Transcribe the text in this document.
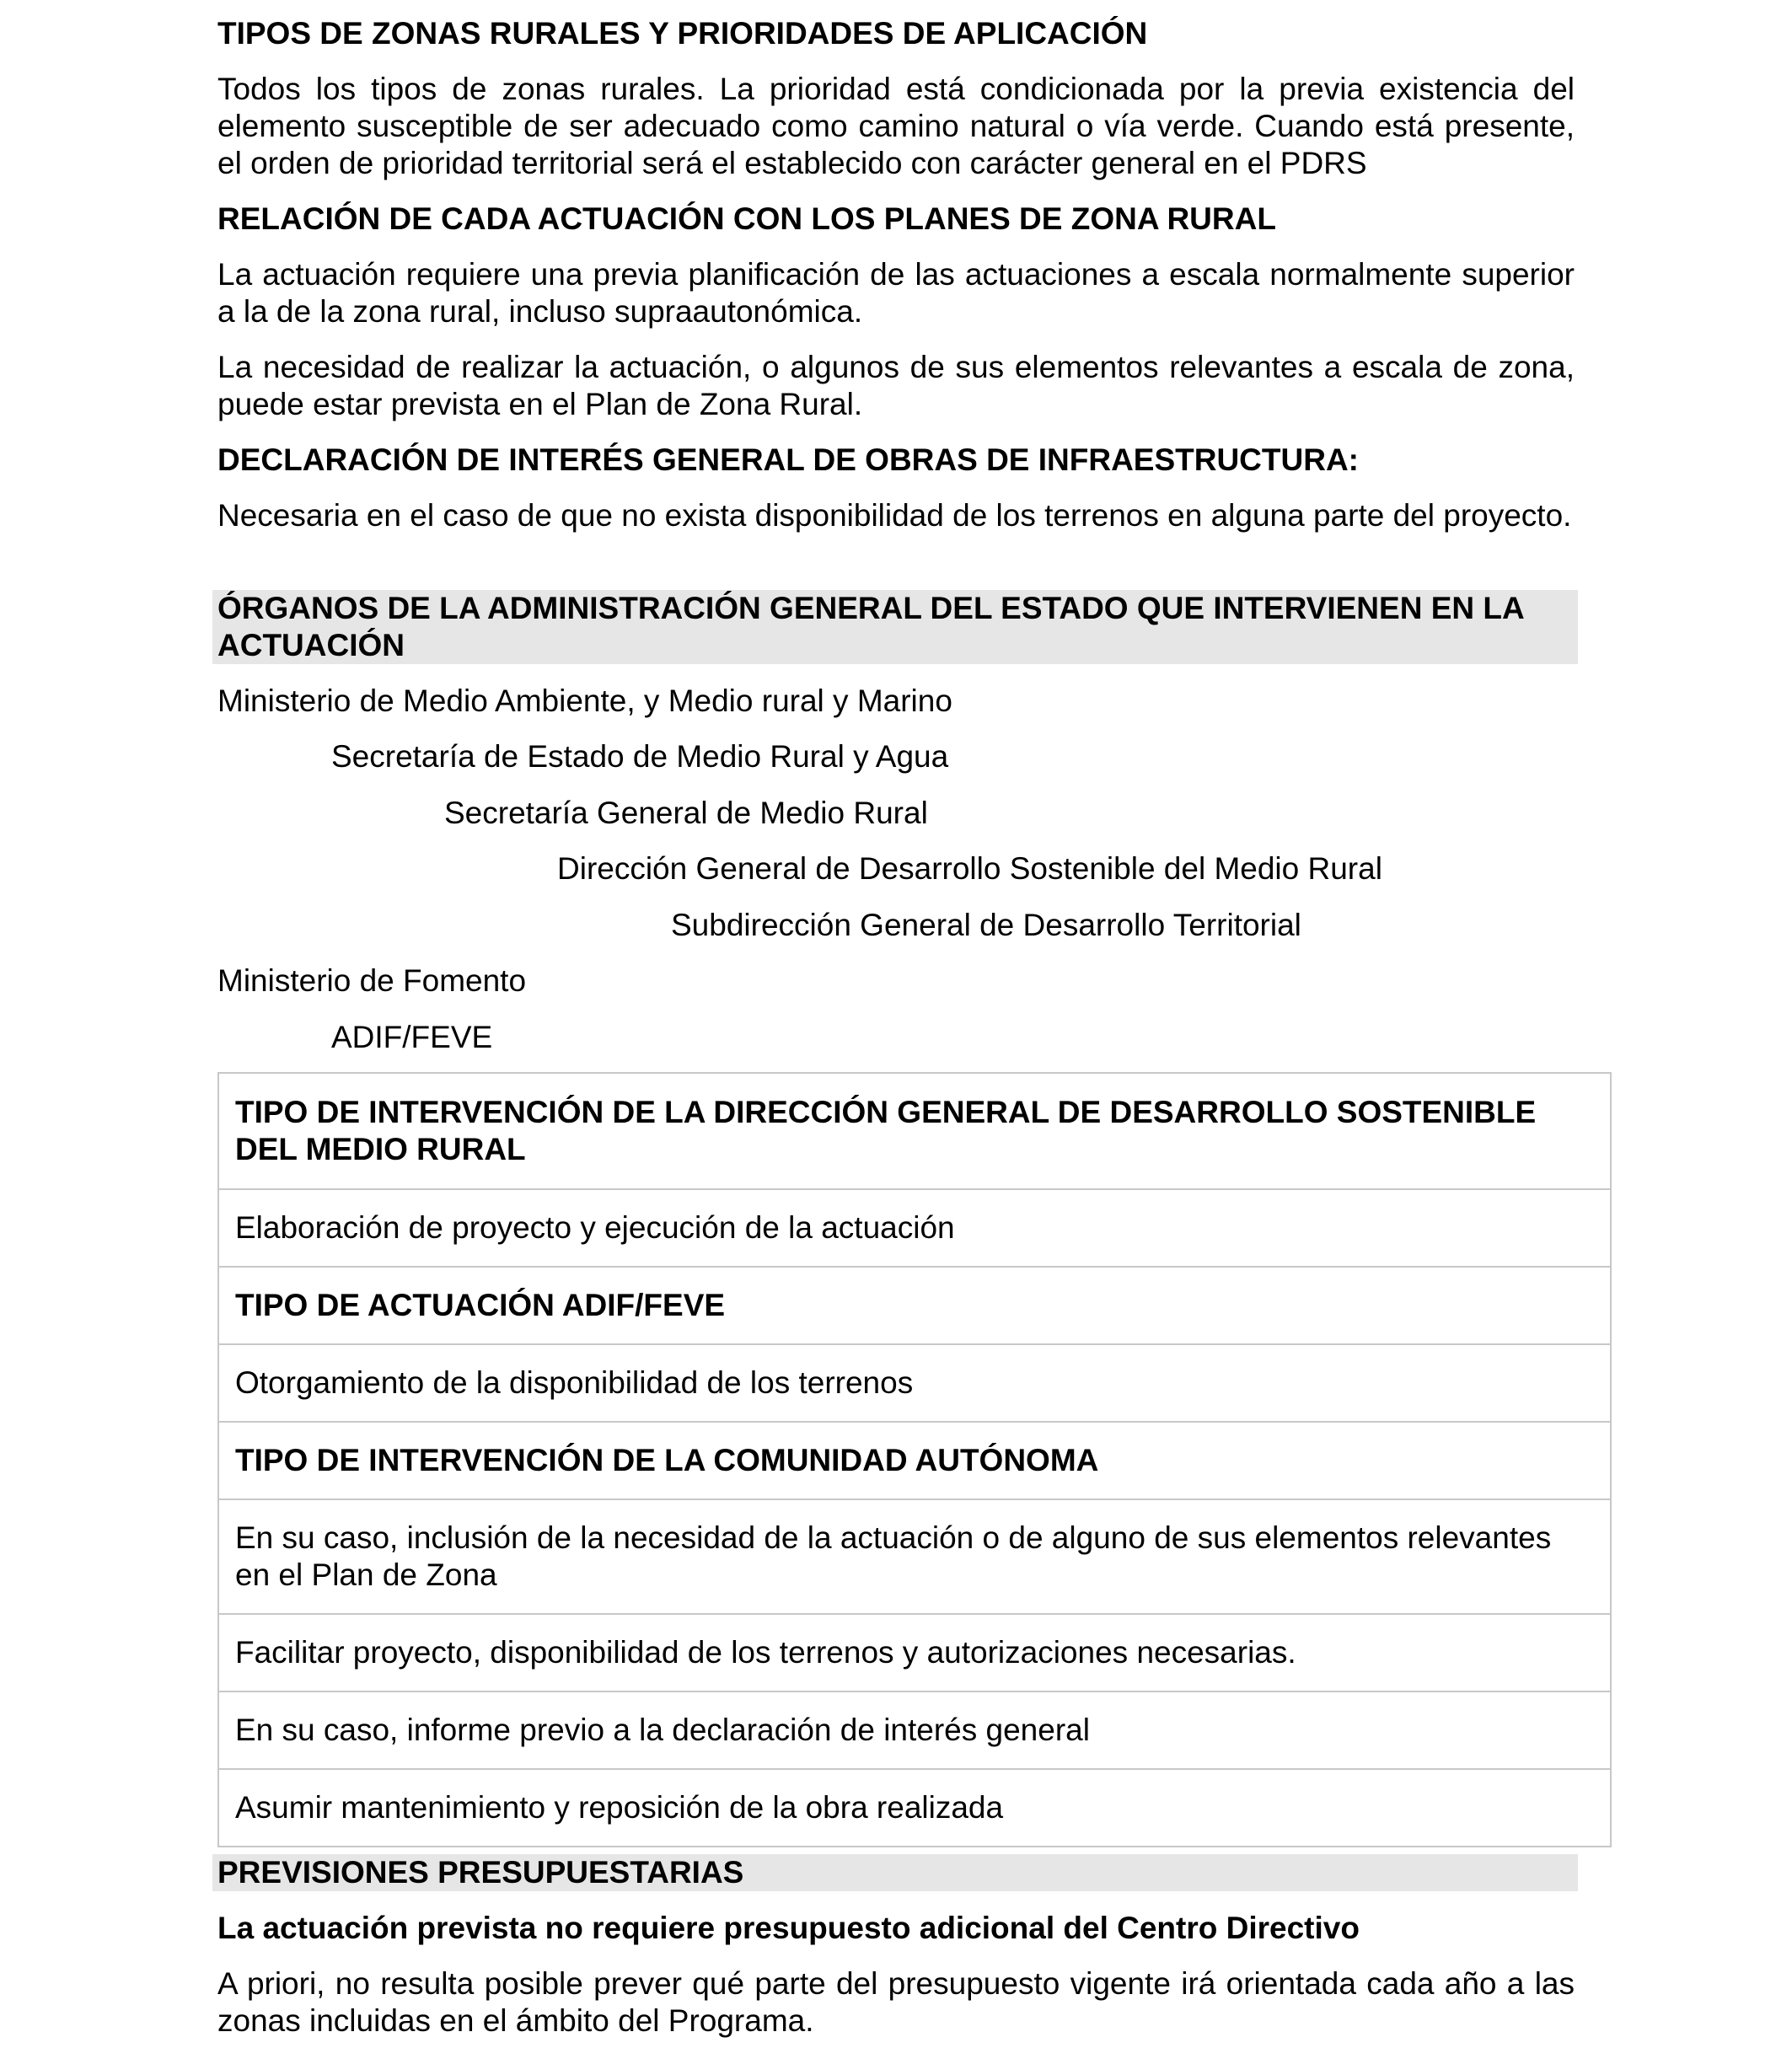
TIPOS DE ZONAS RURALES Y PRIORIDADES DE APLICACIÓN

Todos los tipos de zonas rurales. La prioridad está condicionada por la previa existencia del elemento susceptible de ser adecuado como camino natural o vía verde. Cuando está presente, el orden de prioridad territorial será el establecido con carácter general en el PDRS

RELACIÓN DE CADA ACTUACIÓN CON LOS PLANES DE ZONA RURAL

La actuación requiere una previa planificación de las actuaciones a escala normalmente superior a la de la zona rural, incluso supraautonómica.

La necesidad de realizar la actuación, o algunos de sus elementos relevantes a escala de zona, puede estar prevista en el Plan de Zona Rural.

DECLARACIÓN DE INTERÉS GENERAL DE OBRAS DE INFRAESTRUCTURA:

Necesaria en el caso de que no exista disponibilidad de los terrenos en alguna parte del proyecto.

ÓRGANOS DE LA ADMINISTRACIÓN GENERAL DEL ESTADO QUE INTERVIENEN EN LA ACTUACIÓN

Ministerio de Medio Ambiente, y Medio rural y Marino

Secretaría de Estado de Medio Rural y Agua

Secretaría General de Medio Rural

Dirección General de Desarrollo Sostenible del Medio Rural

Subdirección General de Desarrollo Territorial

Ministerio de Fomento

ADIF/FEVE

TIPO DE INTERVENCIÓN DE LA DIRECCIÓN GENERAL DE DESARROLLO SOSTENIBLE DEL MEDIO RURAL
Elaboración de proyecto y ejecución de la actuación
TIPO DE ACTUACIÓN ADIF/FEVE
Otorgamiento de la disponibilidad de los terrenos
TIPO DE INTERVENCIÓN DE LA COMUNIDAD AUTÓNOMA
En su caso, inclusión de la necesidad de la actuación o de alguno de sus elementos relevantes en el Plan de Zona
Facilitar proyecto, disponibilidad de los terrenos y autorizaciones necesarias.
En su caso, informe previo a la declaración de interés general
Asumir mantenimiento y reposición de la obra realizada
PREVISIONES PRESUPUESTARIAS
La actuación prevista no requiere presupuesto adicional del Centro Directivo

A priori, no resulta posible prever qué parte del presupuesto vigente irá orientada cada año a las zonas incluidas en el ámbito del Programa.
